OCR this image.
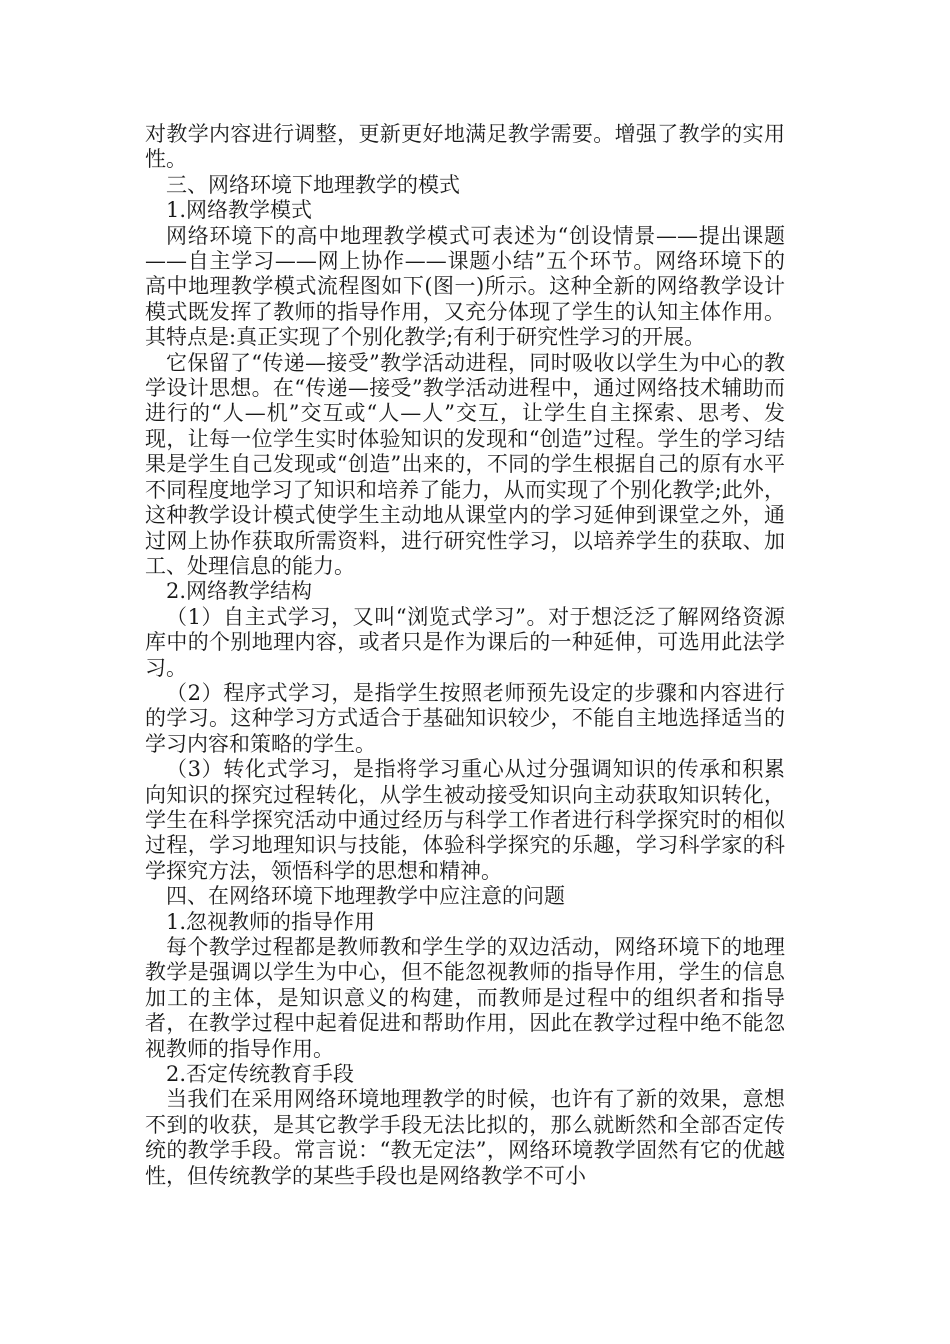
对教学内容进行调整，更新更好地满足教学需要。增强了教学的实用性。

三、网络环境下地理教学的模式

1.网络教学模式

网络环境下的高中地理教学模式可表述为“创设情景——提出课题——自主学习——网上协作——课题小结”五个环节。网络环境下的高中地理教学模式流程图如下(图一)所示。这种全新的网络教学设计模式既发挥了教师的指导作用，又充分体现了学生的认知主体作用。其特点是:真正实现了个别化教学;有利于研究性学习的开展。

它保留了“传递—接受”教学活动进程，同时吸收以学生为中心的教学设计思想。在“传递—接受”教学活动进程中，通过网络技术辅助而进行的“人—机”交互或“人—人”交互，让学生自主探索、思考、发现，让每一位学生实时体验知识的发现和“创造”过程。学生的学习结果是学生自己发现或“创造”出来的，不同的学生根据自己的原有水平不同程度地学习了知识和培养了能力，从而实现了个别化教学;此外，这种教学设计模式使学生主动地从课堂内的学习延伸到课堂之外，通过网上协作获取所需资料，进行研究性学习，以培养学生的获取、加工、处理信息的能力。

2.网络教学结构

（1）自主式学习，又叫“浏览式学习”。对于想泛泛了解网络资源库中的个别地理内容，或者只是作为课后的一种延伸，可选用此法学习。

（2）程序式学习，是指学生按照老师预先设定的步骤和内容进行的学习。这种学习方式适合于基础知识较少，不能自主地选择适当的学习内容和策略的学生。

（3）转化式学习，是指将学习重心从过分强调知识的传承和积累向知识的探究过程转化，从学生被动接受知识向主动获取知识转化，学生在科学探究活动中通过经历与科学工作者进行科学探究时的相似过程，学习地理知识与技能，体验科学探究的乐趣，学习科学家的科学探究方法，领悟科学的思想和精神。

四、在网络环境下地理教学中应注意的问题

1.忽视教师的指导作用

每个教学过程都是教师教和学生学的双边活动，网络环境下的地理教学是强调以学生为中心，但不能忽视教师的指导作用，学生的信息加工的主体，是知识意义的构建，而教师是过程中的组织者和指导者，在教学过程中起着促进和帮助作用，因此在教学过程中绝不能忽视教师的指导作用。

2.否定传统教育手段

当我们在采用网络环境地理教学的时候，也许有了新的效果，意想不到的收获，是其它教学手段无法比拟的，那么就断然和全部否定传统的教学手段。常言说：“教无定法”，网络环境教学固然有它的优越性，但传统教学的某些手段也是网络教学不可小
